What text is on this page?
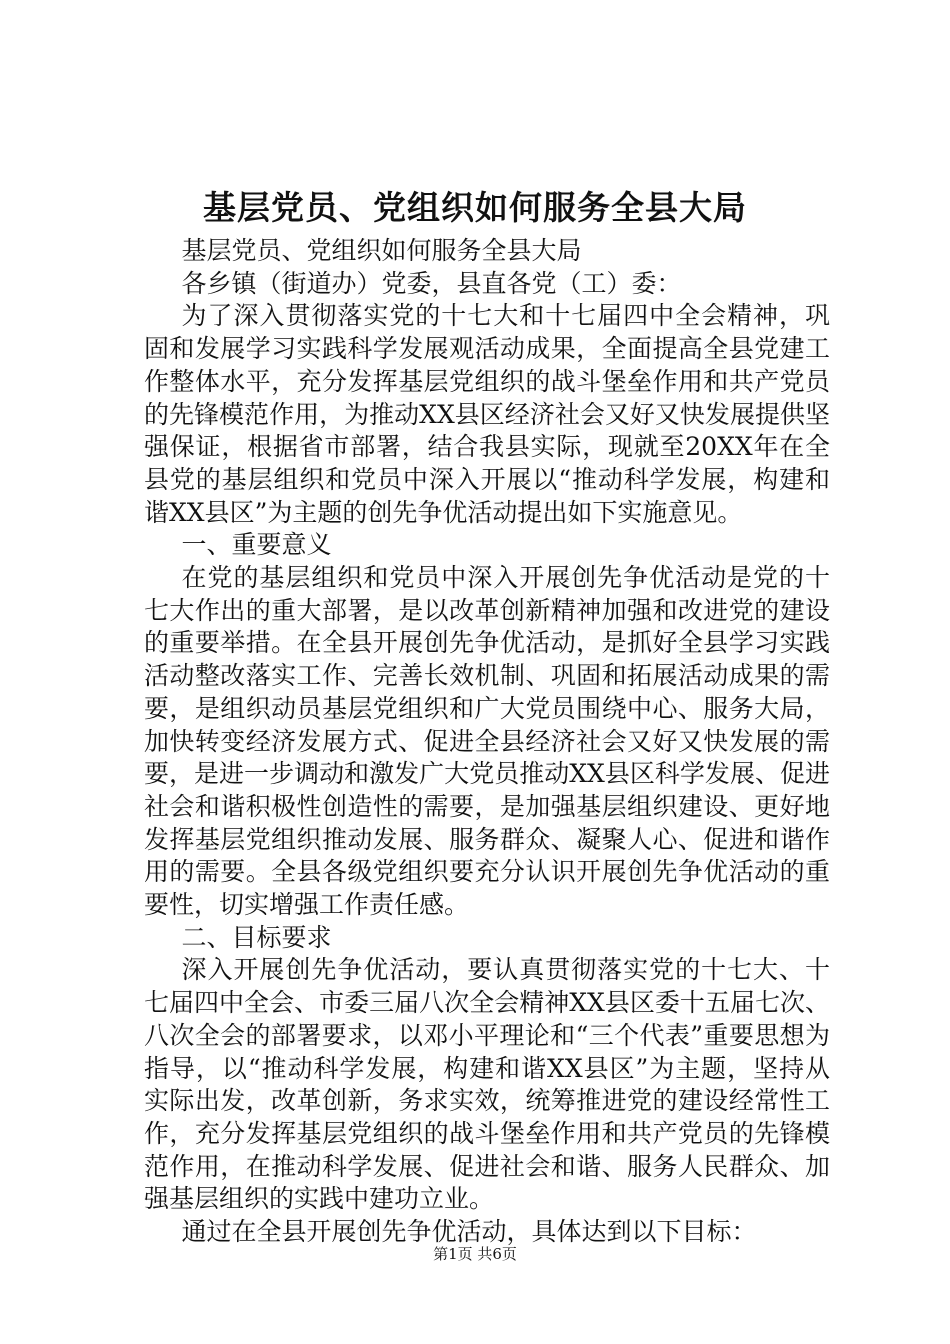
基层党员、党组织如何服务全县大局

基层党员、党组织如何服务全县大局

各乡镇（街道办）党委，县直各党（工）委：

为了深入贯彻落实党的十七大和十七届四中全会精神，巩固和发展学习实践科学发展观活动成果，全面提高全县党建工作整体水平，充分发挥基层党组织的战斗堡垒作用和共产党员的先锋模范作用，为推动XX县区经济社会又好又快发展提供坚强保证，根据省市部署，结合我县实际，现就至20XX年在全县党的基层组织和党员中深入开展以“推动科学发展，构建和谐XX县区”为主题的创先争优活动提出如下实施意见。

一、重要意义

在党的基层组织和党员中深入开展创先争优活动是党的十七大作出的重大部署，是以改革创新精神加强和改进党的建设的重要举措。在全县开展创先争优活动，是抓好全县学习实践活动整改落实工作、完善长效机制、巩固和拓展活动成果的需要，是组织动员基层党组织和广大党员围绕中心、服务大局，加快转变经济发展方式、促进全县经济社会又好又快发展的需要，是进一步调动和激发广大党员推动XX县区科学发展、促进社会和谐积极性创造性的需要，是加强基层组织建设、更好地发挥基层党组织推动发展、服务群众、凝聚人心、促进和谐作用的需要。全县各级党组织要充分认识开展创先争优活动的重要性，切实增强工作责任感。

二、目标要求

深入开展创先争优活动，要认真贯彻落实党的十七大、十七届四中全会、市委三届八次全会精神XX县区委十五届七次、八次全会的部署要求，以邓小平理论和“三个代表”重要思想为指导，以“推动科学发展，构建和谐XX县区”为主题，坚持从实际出发，改革创新，务求实效，统筹推进党的建设经常性工作，充分发挥基层党组织的战斗堡垒作用和共产党员的先锋模范作用，在推动科学发展、促进社会和谐、服务人民群众、加强基层组织的实践中建功立业。

通过在全县开展创先争优活动，具体达到以下目标：

第1页 共6页
